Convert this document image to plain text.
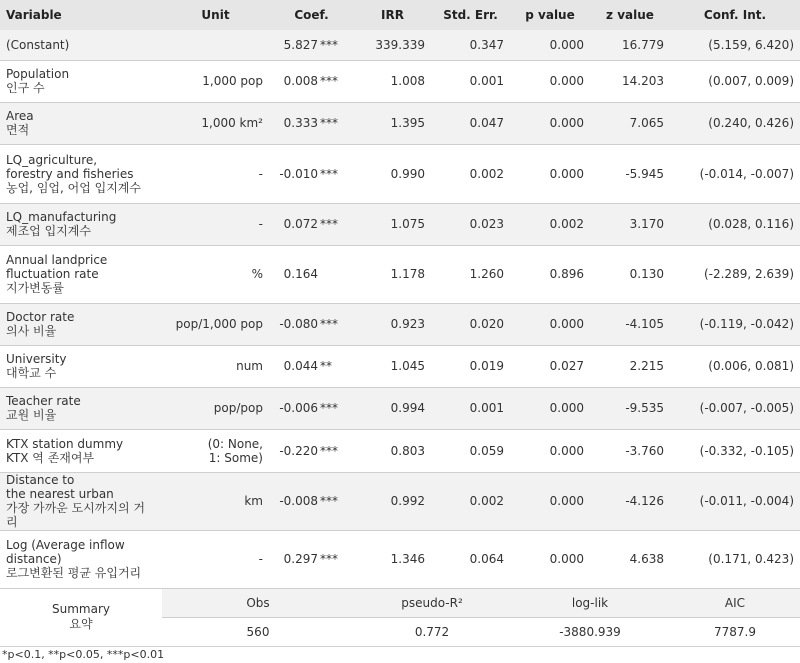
Variable	Unit	Coef.	IRR	Std. Err.	p value	z value	Conf. Int.

(Constant)		5.827 ***	339.339	0.347	0.000	16.779	(5.159, 6.420)

Population
인구 수	1,000 pop	0.008 ***	1.008	0.001	0.000	14.203	(0.007, 0.009)

Area
면적	1,000 km²	0.333 ***	1.395	0.047	0.000	7.065	(0.240, 0.426)

LQ_agriculture,
forestry and fisheries
농업, 임업, 어업 입지계수	-	-0.010 ***	0.990	0.002	0.000	-5.945	(-0.014, -0.007)

LQ_manufacturing
제조업 입지계수	-	0.072 ***	1.075	0.023	0.002	3.170	(0.028, 0.116)

Annual landprice
fluctuation rate
지가변동률	%	0.164	1.178	1.260	0.896	0.130	(-2.289, 2.639)

Doctor rate
의사 비율	pop/1,000 pop	-0.080 ***	0.923	0.020	0.000	-4.105	(-0.119, -0.042)

University
대학교 수	num	0.044 **	1.045	0.019	0.027	2.215	(0.006, 0.081)

Teacher rate
교원 비율	pop/pop	-0.006 ***	0.994	0.001	0.000	-9.535	(-0.007, -0.005)

KTX station dummy
KTX 역 존재여부	(0: None,
1: Some)	-0.220 ***	0.803	0.059	0.000	-3.760	(-0.332, -0.105)

Distance to
the nearest urban
가장 가까운 도시까지의 거리	km	-0.008 ***	0.992	0.002	0.000	-4.126	(-0.011, -0.004)

Log (Average inflow
distance)
로그변환된 평균 유입거리	-	0.297 ***	1.346	0.064	0.000	4.638	(0.171, 0.423)

Summary
요약	Obs		pseudo-R²		log-lik		AIC
	560		0.772		-3880.939		7787.9
*p<0.1, **p<0.05, ***p<0.01
